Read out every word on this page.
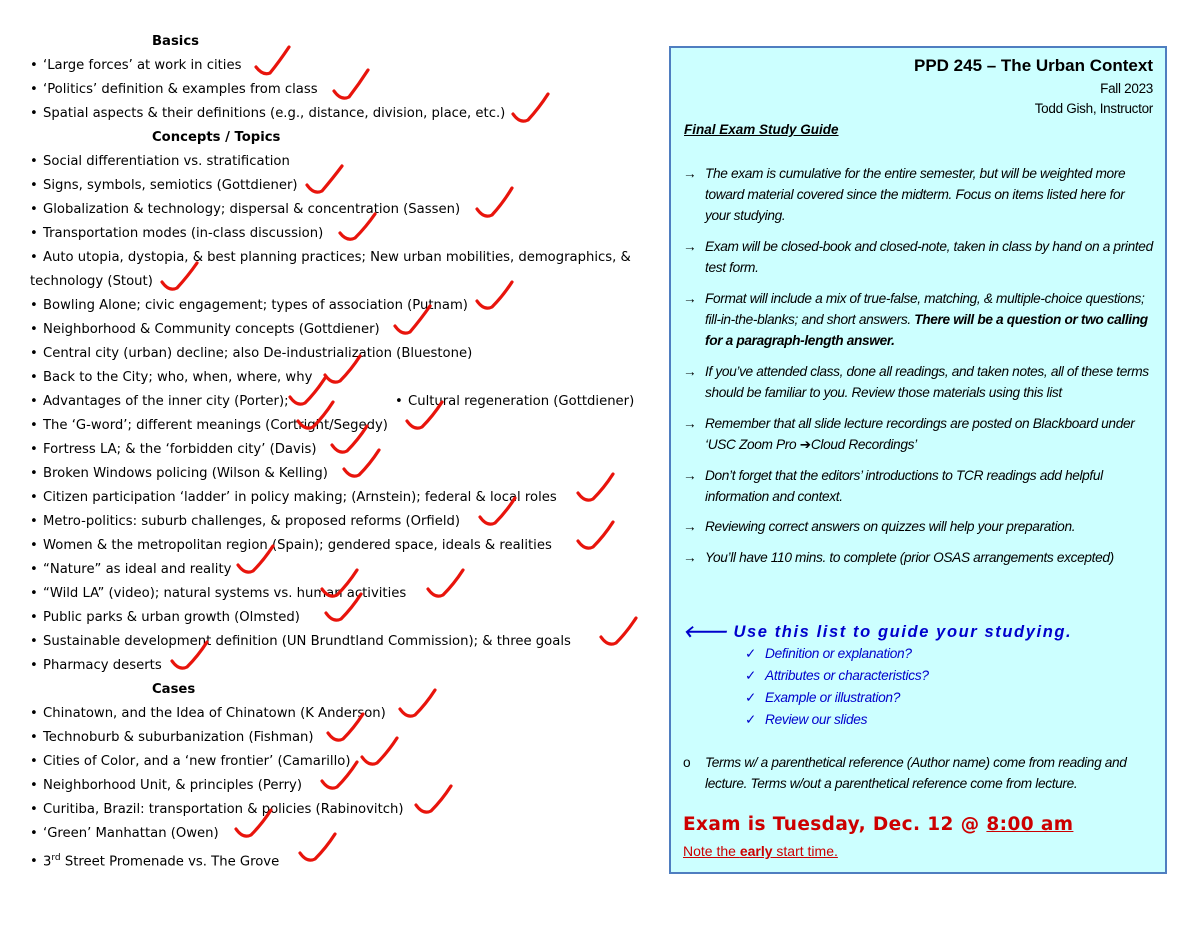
Basics
• ‘Large forces’ at work in cities
• ‘Politics’ definition & examples from class
• Spatial aspects & their definitions (e.g., distance, division, place, etc.)
Concepts / Topics
• Social differentiation vs. stratification
• Signs, symbols, semiotics (Gottdiener)
• Globalization & technology; dispersal & concentration (Sassen)
• Transportation modes (in-class discussion)
• Auto utopia, dystopia, & best planning practices; New urban mobilities, demographics, & technology (Stout)
• Bowling Alone; civic engagement; types of association (Putnam)
• Neighborhood & Community concepts (Gottdiener)
• Central city (urban) decline; also De-industrialization (Bluestone)
• Back to the City; who, when, where, why
• Advantages of the inner city (Porter);	• Cultural regeneration (Gottdiener)
• The ‘G-word’; different meanings (Cortright/Segedy)
• Fortress LA; & the ‘forbidden city’ (Davis)
• Broken Windows policing (Wilson & Kelling)
• Citizen participation ‘ladder’ in policy making; (Arnstein); federal & local roles
• Metro-politics: suburb challenges, & proposed reforms (Orfield)
• Women & the metropolitan region (Spain); gendered space, ideals & realities
• “Nature” as ideal and reality
• “Wild LA” (video); natural systems vs. human activities
• Public parks & urban growth (Olmsted)
• Sustainable development definition (UN Brundtland Commission); & three goals
• Pharmacy deserts
Cases
• Chinatown, and the Idea of Chinatown (K Anderson)
• Technoburb & suburbanization (Fishman)
• Cities of Color, and a ‘new frontier’ (Camarillo)
• Neighborhood Unit, & principles (Perry)
• Curitiba, Brazil: transportation & policies (Rabinovitch)
• ‘Green’ Manhattan (Owen)
• 3rd Street Promenade vs. The Grove
PPD 245 – The Urban Context
Fall 2023
Todd Gish, Instructor
Final Exam Study Guide
→ The exam is cumulative for the entire semester, but will be weighted more toward material covered since the midterm. Focus on items listed here for your studying.
→ Exam will be closed-book and closed-note, taken in class by hand on a printed test form.
→ Format will include a mix of true-false, matching, & multiple-choice questions; fill-in-the-blanks; and short answers. There will be a question or two calling for a paragraph-length answer.
→ If you’ve attended class, done all readings, and taken notes, all of these terms should be familiar to you. Review those materials using this list
→ Remember that all slide lecture recordings are posted on Blackboard under ‘USC Zoom Pro ➔Cloud Recordings’
→ Don’t forget that the editors’ introductions to TCR readings add helpful information and context.
→ Reviewing correct answers on quizzes will help your preparation.
→ You’ll have 110 mins. to complete (prior OSAS arrangements excepted)
🡐 Use this list to guide your studying.
✓ Definition or explanation?
✓ Attributes or characteristics?
✓ Example or illustration?
✓ Review our slides
o	Terms w/ a parenthetical reference (Author name) come from reading and lecture. Terms w/out a parenthetical reference come from lecture.
Exam is Tuesday, Dec. 12 @ 8:00 am
Note the early start time.
